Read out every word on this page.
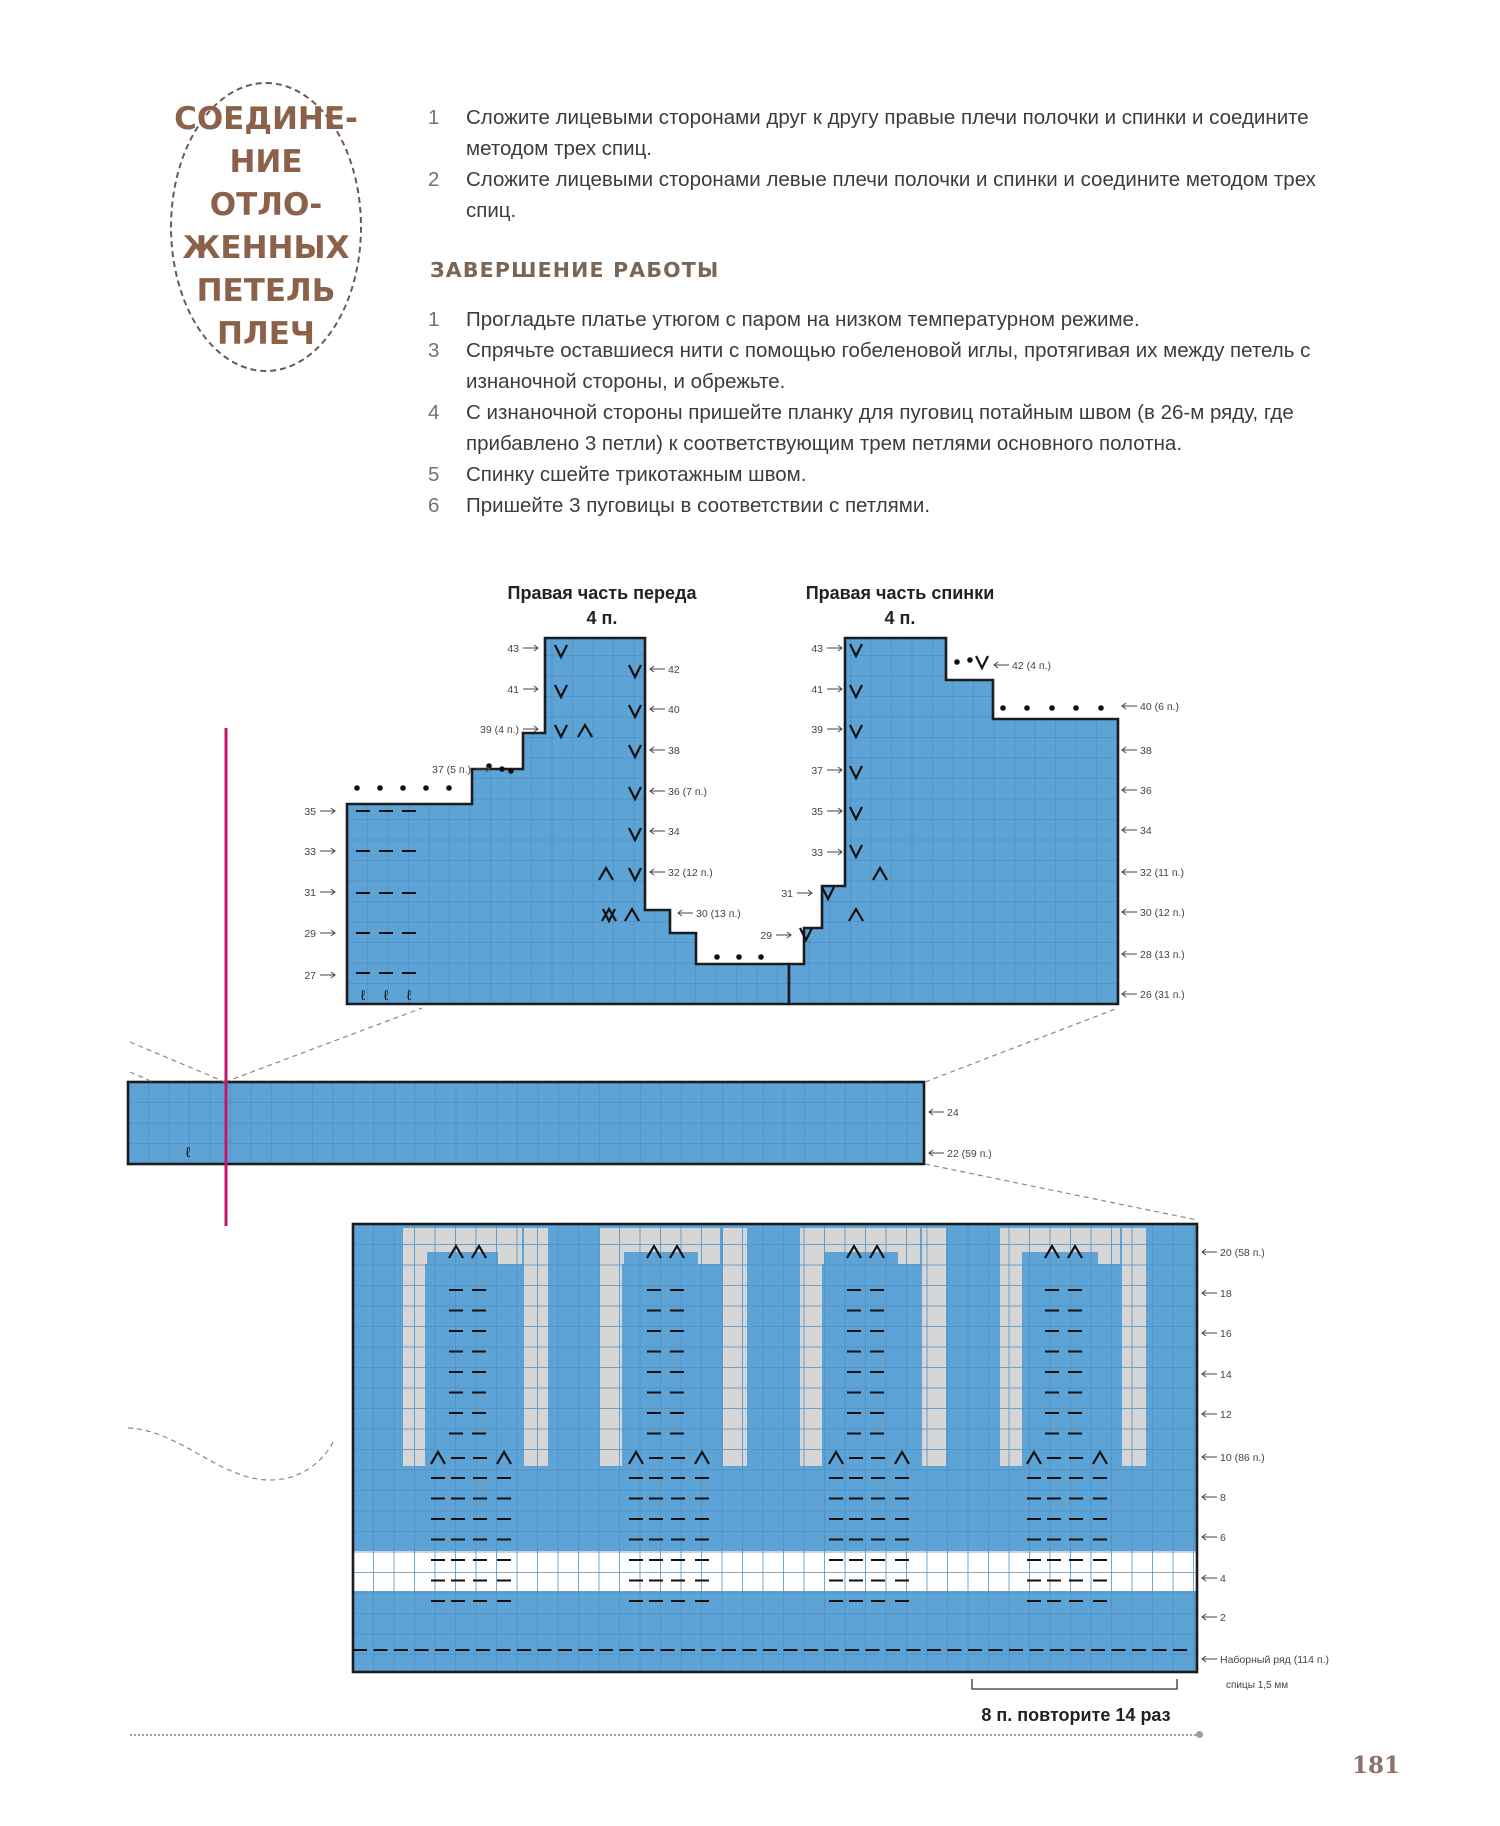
СОЕДИНЕ-
НИЕ ОТЛО-
ЖЕННЫХ
ПЕТЕЛЬ
ПЛЕЧ
1	Сложите лицевыми сторонами друг к другу правые плечи полочки и спинки и соедините методом трех спиц.
2	Сложите лицевыми сторонами левые плечи полочки и спинки и соедините методом трех спиц.
ЗАВЕРШЕНИЕ РАБОТЫ
1	Прогладьте платье утюгом с паром на низком температурном режиме.
3	Спрячьте оставшиеся нити с помощью гобеленовой иглы, протягивая их между петель с изнаночной стороны, и обрежьте.
4	С изнаночной стороны пришейте планку для пуговиц потайным швом (в 26-м ряду, где прибавлено 3 петли) к соответствующим трем петлями основного полотна.
5	Спинку сшейте трикотажным швом.
6	Пришейте 3 пуговицы в соответствии с петлями.
ℓ ℓ ℓ
ℓ
Правая часть переда
4 п.
Правая часть спинки
4 п.
спицы 1,5 мм
8 п. повторите 14 раз
43
41
39 (4 п.)
37 (5 п.)
35
33
31
29
27
42
40
38
36 (7 п.)
34
32 (12 п.)
30 (13 п.)
43
41
39
37
35
33
31
29
42 (4 п.)
40 (6 п.)
38
36
34
32 (11 п.)
30 (12 п.)
28 (13 п.)
26 (31 п.)
24
22 (59 п.)
20 (58 п.)
18
16
14
12
10 (86 п.)
8
6
4
2
Наборный ряд (114 п.)
181
